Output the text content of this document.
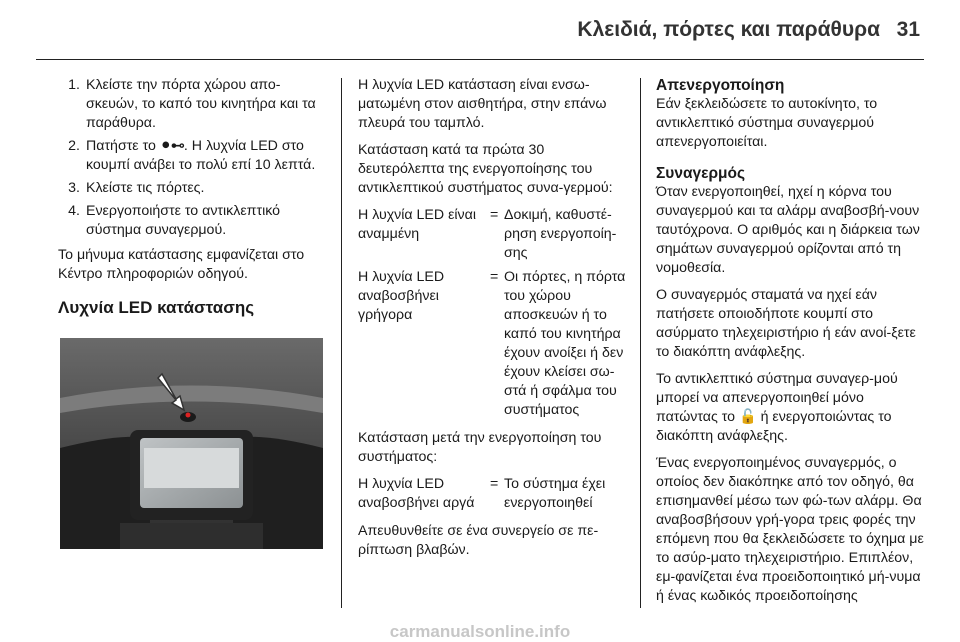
Κλειδιά, πόρτες και παράθυρα 31
1. Κλείστε την πόρτα χώρου απο-σκευών, το καπό του κινητήρα και τα παράθυρα.
2. Πατήστε το ⚫⊷. Η λυχνία LED στο κουμπί ανάβει το πολύ επί 10 λεπτά.
3. Κλείστε τις πόρτες.
4. Ενεργοποιήστε το αντικλεπτικό σύστημα συναγερμού.

Το μήνυμα κατάστασης εμφανίζεται στο Κέντρο πληροφοριών οδηγού.

Λυχνία LED κατάστασης

Η λυχνία LED κατάσταση είναι ενσω-ματωμένη στον αισθητήρα, στην επάνω πλευρά του ταμπλό.

Κατάσταση κατά τα πρώτα 30 δευτερόλεπτα της ενεργοποίησης του αντικλεπτικού συστήματος συνα-γερμού:

Η λυχνία LED είναι αναμμένη	=	Δοκιμή, καθυστέ-ρηση ενεργοποίη-σης
Η λυχνία LED αναβοσβήνει γρήγορα	=	Οι πόρτες, η πόρτα του χώρου αποσκευών ή το καπό του κινητήρα έχουν ανοίξει ή δεν έχουν κλείσει σω-στά ή σφάλμα του συστήματος

Κατάσταση μετά την ενεργοποίηση του συστήματος:

Η λυχνία LED αναβοσβήνει αργά	=	Το σύστημα έχει ενεργοποιηθεί

Απευθυνθείτε σε ένα συνεργείο σε πε-ρίπτωση βλαβών.

Απενεργοποίηση

Εάν ξεκλειδώσετε το αυτοκίνητο, το αντικλεπτικό σύστημα συναγερμού απενεργοποιείται.

Συναγερμός

Όταν ενεργοποιηθεί, ηχεί η κόρνα του συναγερμού και τα αλάρμ αναβοσβή-νουν ταυτόχρονα. Ο αριθμός και η διάρκεια των σημάτων συναγερμού ορίζονται από τη νομοθεσία.

Ο συναγερμός σταματά να ηχεί εάν πατήσετε οποιοδήποτε κουμπί στο ασύρματο τηλεχειριστήριο ή εάν ανοί-ξετε το διακόπτη ανάφλεξης.

Το αντικλεπτικό σύστημα συναγερ-μού μπορεί να απενεργοποιηθεί μόνο πατώντας το 🔓 ή ενεργοποιώντας το διακόπτη ανάφλεξης.

Ένας ενεργοποιημένος συναγερμός, ο οποίος δεν διακόπηκε από τον οδηγό, θα επισημανθεί μέσω των φώ-των αλάρμ. Θα αναβοσβήσουν γρή-γορα τρεις φορές την επόμενη που θα ξεκλειδώσετε το όχημα με το ασύρ-ματο τηλεχειριστήριο. Επιπλέον, εμ-φανίζεται ένα προειδοποιητικό μή-νυμα ή ένας κωδικός προειδοποίησης

carmanualsonline.info
